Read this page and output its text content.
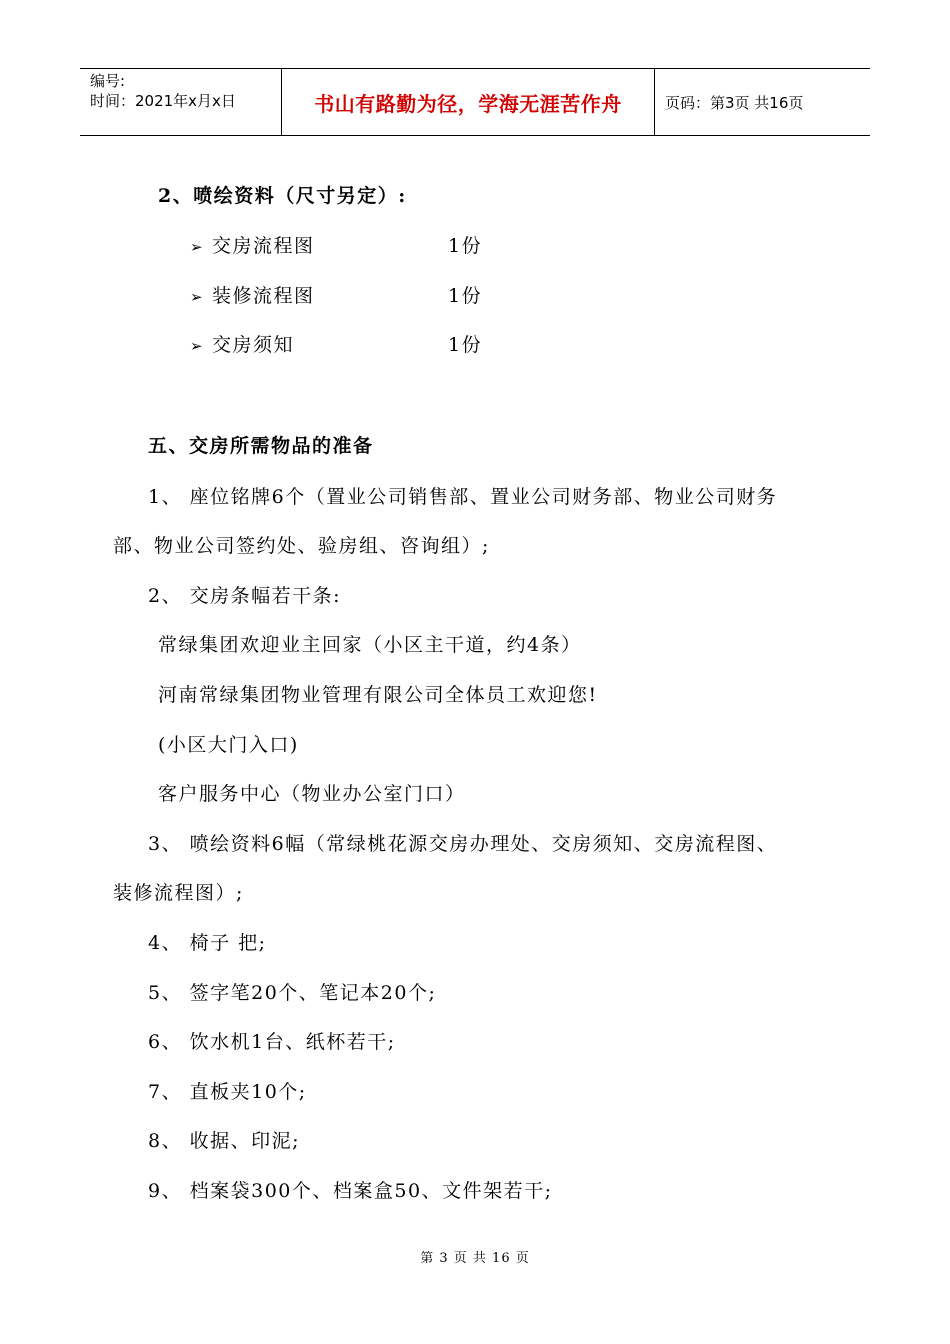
编号:
时间：2021年x月x日	书山有路勤为径，学海无涯苦作舟	页码：第3页 共16页
2、喷绘资料（尺寸另定）:
➢ 交房流程图	1份
➢ 装修流程图	1份
➢ 交房须知	1份
五、交房所需物品的准备
1、 座位铭牌6个（置业公司销售部、置业公司财务部、物业公司财务
部、物业公司签约处、验房组、咨询组）;
2、 交房条幅若干条:
常绿集团欢迎业主回家（小区主干道，约4条）
河南常绿集团物业管理有限公司全体员工欢迎您!
(小区大门入口)
客户服务中心（物业办公室门口）
3、 喷绘资料6幅（常绿桃花源交房办理处、交房须知、交房流程图、
装修流程图）;
4、 椅子 把;
5、 签字笔20个、笔记本20个;
6、 饮水机1台、纸杯若干;
7、 直板夹10个;
8、 收据、印泥;
9、 档案袋300个、档案盒50、文件架若干;
第 3 页 共 16 页
